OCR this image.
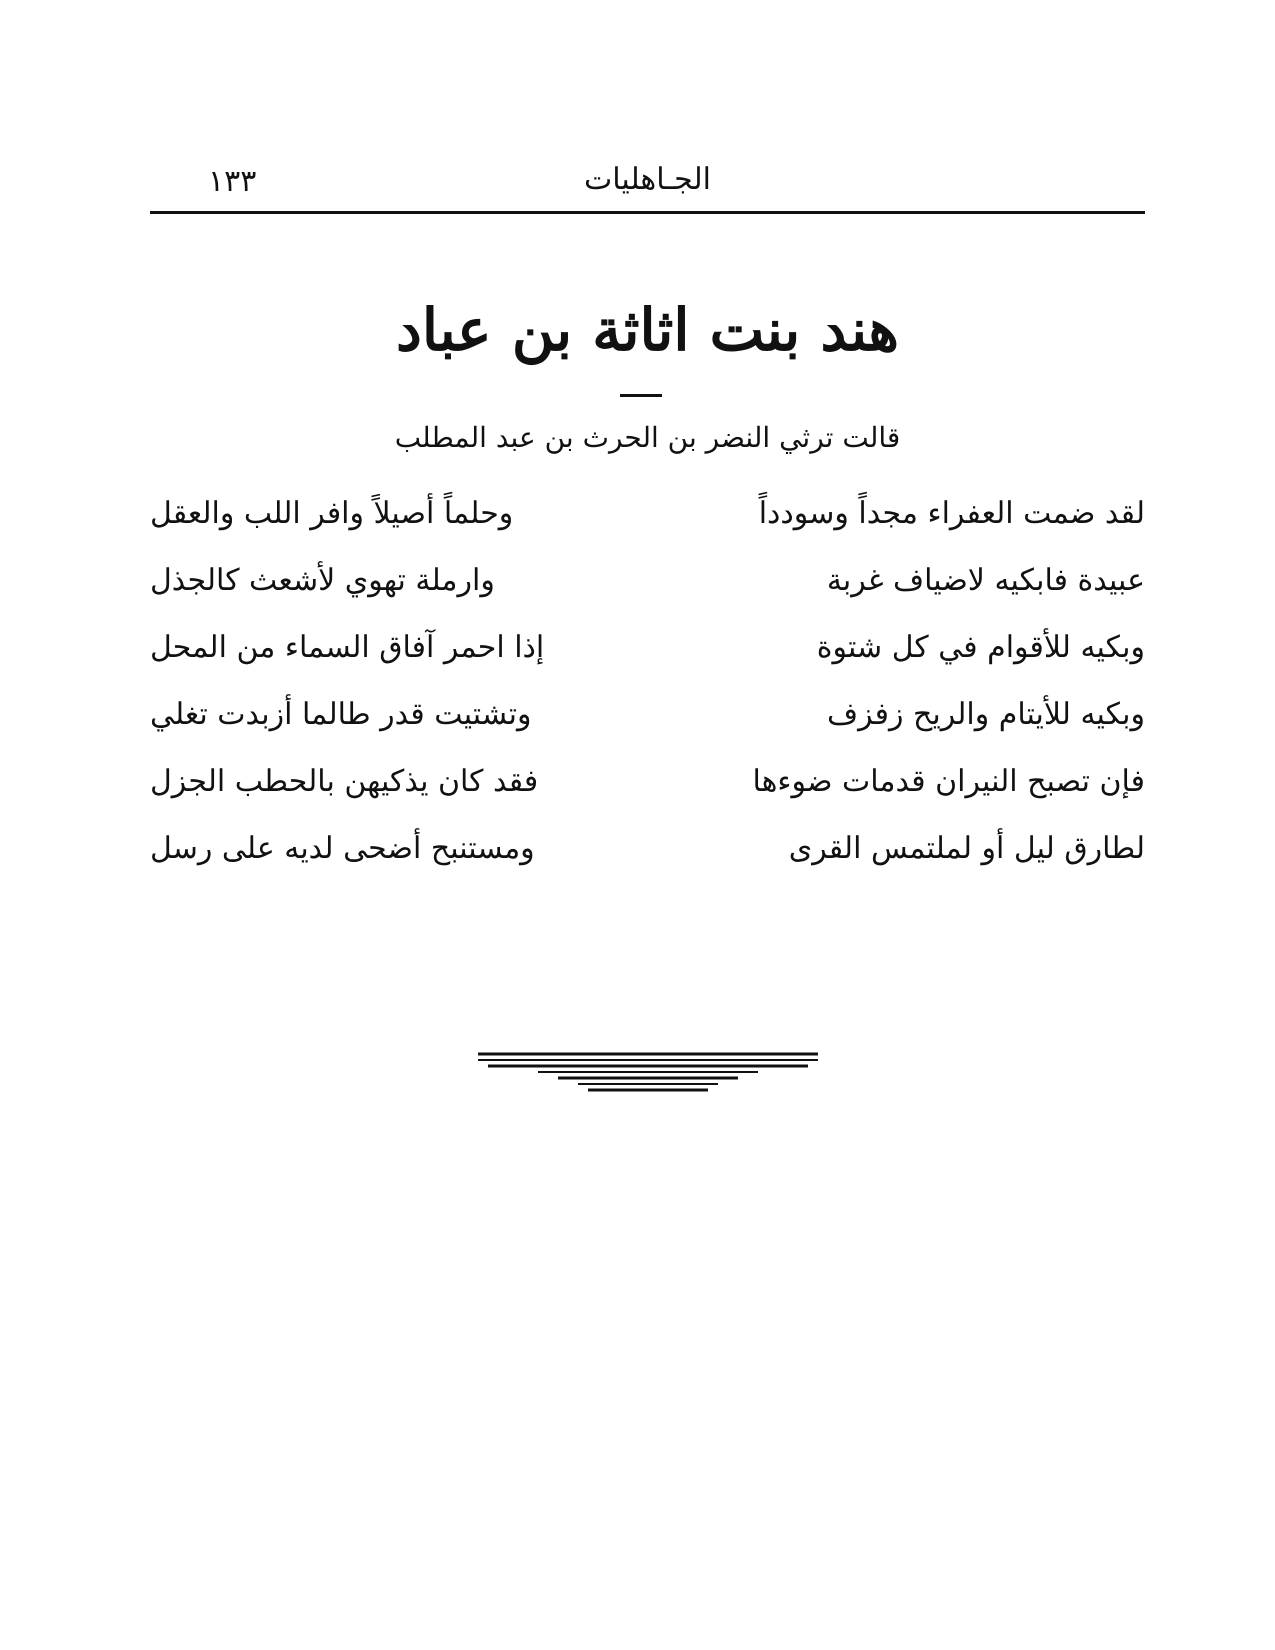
الجـاهليات
١٣٣
هند بنت اثاثة بن عباد
قالت ترثي النضر بن الحرث بن عبد المطلب
لقد ضمت العفراء مجداً وسودداً
وحلماً أصيلاً وافر اللب والعقل
عبيدة فابكيه لاضياف غربة
وارملة تهوي لأشعث كالجذل
وبكيه للأقوام في كل شتوة
إذا احمر آفاق السماء من المحل
وبكيه للأيتام والريح زفزف
وتشتيت قدر طالما أزبدت تغلي
فإن تصبح النيران قدمات ضوءها
فقد كان يذكيهن بالحطب الجزل
لطارق ليل أو لملتمس القرى
ومستنبح أضحى لديه على رسل
